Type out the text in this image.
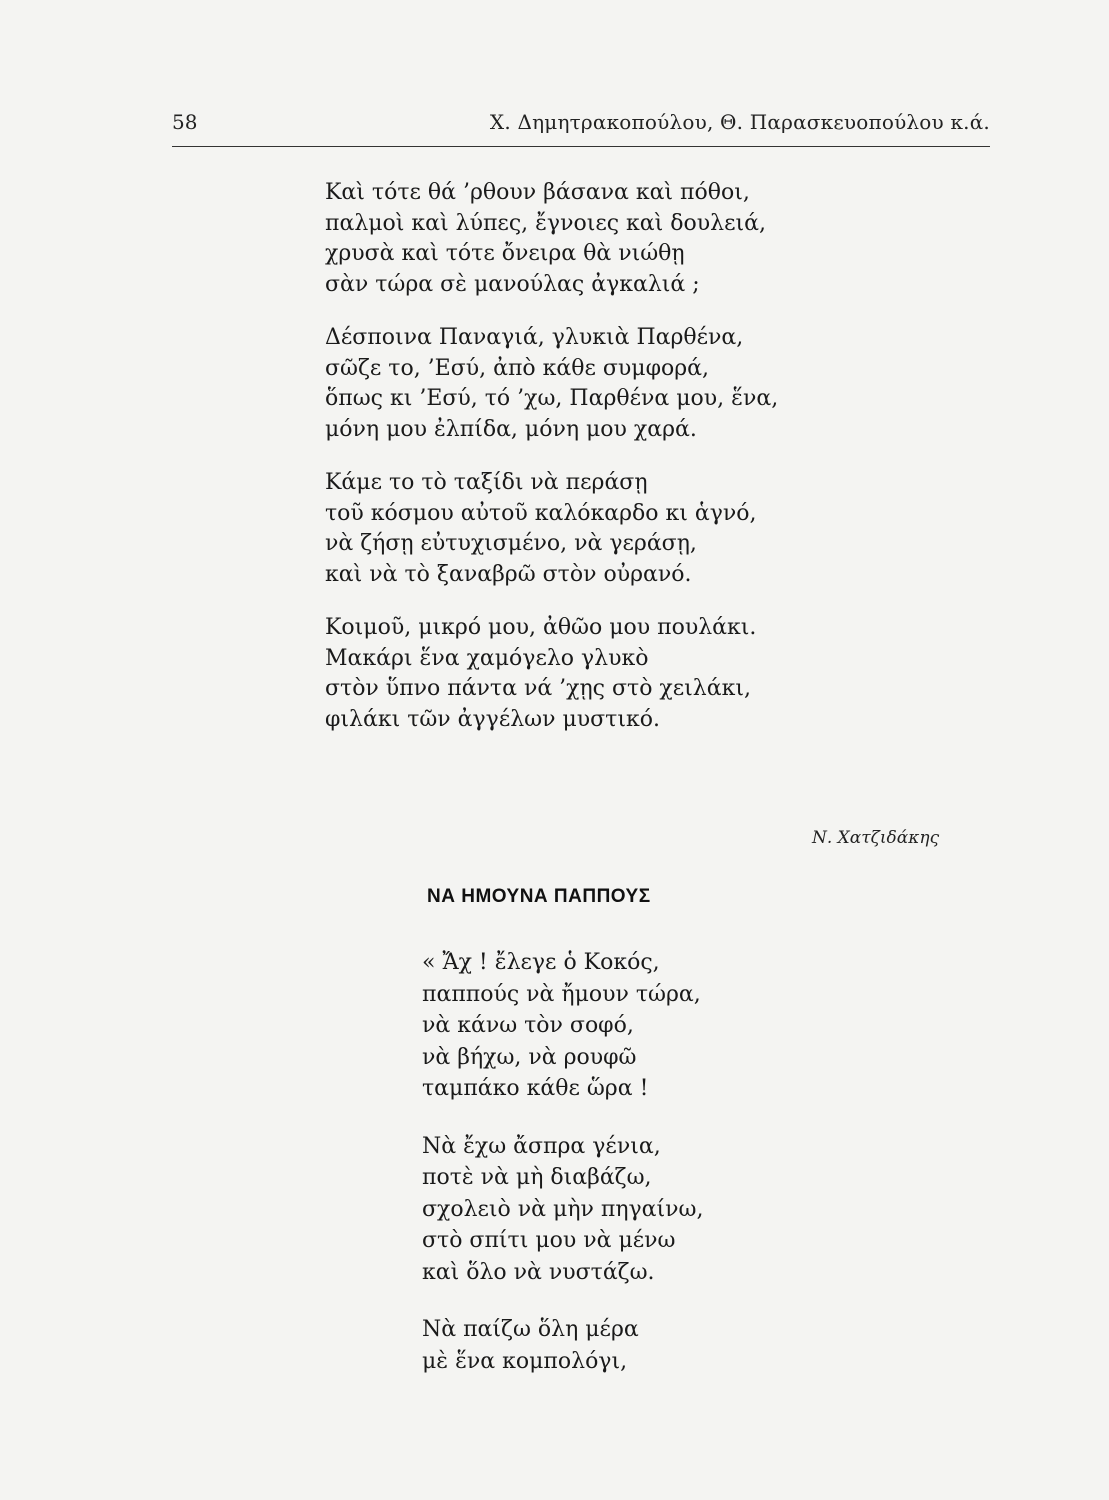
58	Χ. Δημητρακοπούλου, Θ. Παρασκευοπούλου κ.ά.
Καὶ τότε θά ’ρθουν βάσανα καὶ πόθοι,
παλμοὶ καὶ λύπες, ἔγνοιες καὶ δουλειά,
χρυσὰ καὶ τότε ὄνειρα θὰ νιώθῃ
σὰν τώρα σὲ μανούλας ἀγκαλιά ;
Δέσποινα Παναγιά, γλυκιὰ Παρθένα,
σῶζε το, ’Εσύ, ἀπὸ κάθε συμφορά,
ὅπως κι ’Εσύ, τό ’χω, Παρθένα μου, ἕνα,
μόνη μου ἐλπίδα, μόνη μου χαρά.
Κάμε το τὸ ταξίδι νὰ περάσῃ
τοῦ κόσμου αὐτοῦ καλόκαρδο κι ἁγνό,
νὰ ζήσῃ εὐτυχισμένο, νὰ γεράσῃ,
καὶ νὰ τὸ ξαναβρῶ στὸν οὐρανό.
Κοιμοῦ, μικρό μου, ἀθῶο μου πουλάκι.
Μακάρι ἕνα χαμόγελο γλυκὸ
στὸν ὕπνο πάντα νά ’χῃς στὸ χειλάκι,
φιλάκι τῶν ἀγγέλων μυστικό.
Ν. Χατζιδάκης
ΝΑ ΗΜΟΥΝΑ ΠΑΠΠΟΥΣ
« Ἄχ ! ἔλεγε ὁ Κοκός,
παππούς νὰ ἤμουν τώρα,
νὰ κάνω τὸν σοφό,
νὰ βήχω, νὰ ρουφῶ
ταμπάκο κάθε ὥρα !
Νὰ ἔχω ἄσπρα γένια,
ποτὲ νὰ μὴ διαβάζω,
σχολειὸ νὰ μὴν πηγαίνω,
στὸ σπίτι μου νὰ μένω
καὶ ὅλο νὰ νυστάζω.
Νὰ παίζω ὅλη μέρα
μὲ ἕνα κομπολόγι,
